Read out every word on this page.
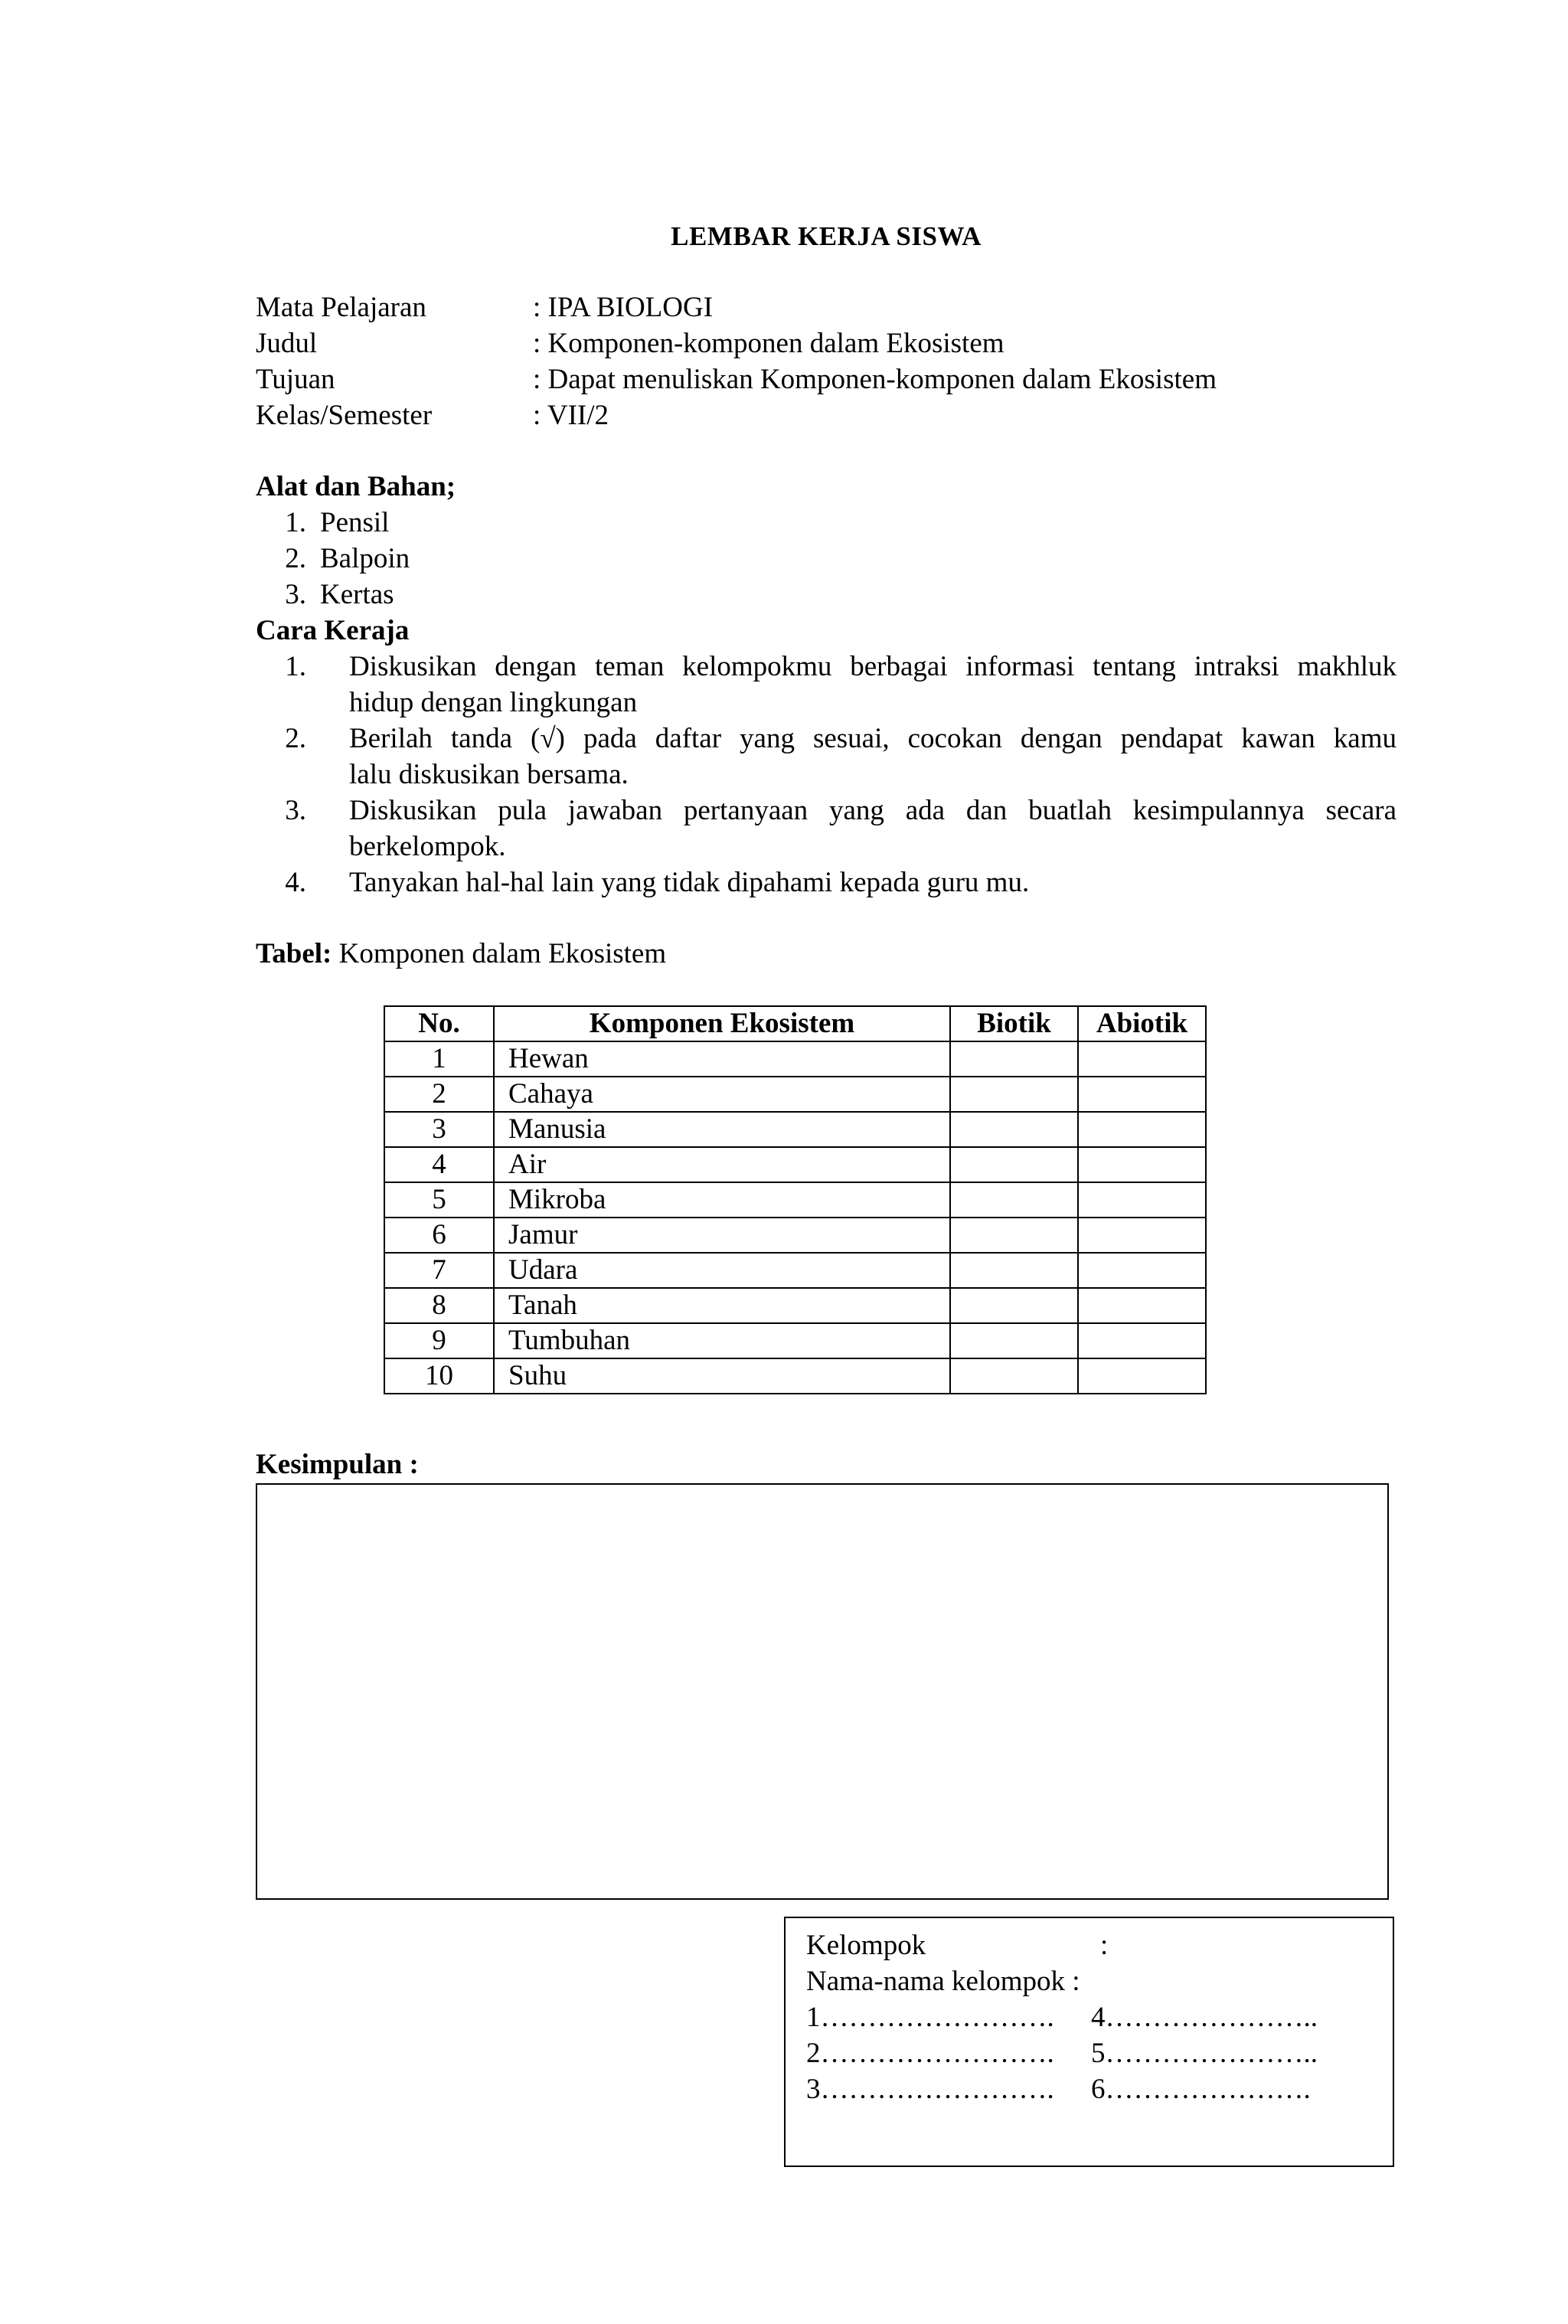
LEMBAR KERJA SISWA
Mata Pelajaran	: IPA BIOLOGI
Judul	: Komponen-komponen dalam Ekosistem
Tujuan	: Dapat menuliskan Komponen-komponen dalam Ekosistem
Kelas/Semester	: VII/2
Alat dan Bahan;
1. Pensil
2. Balpoin
3. Kertas
Cara Keraja
1.	Diskusikan dengan teman kelompokmu berbagai informasi tentang intraksi makhluk
hidup dengan lingkungan
2.	Berilah tanda (√) pada daftar yang sesuai, cocokan dengan pendapat kawan kamu
lalu diskusikan bersama.
3.	Diskusikan pula jawaban pertanyaan yang ada dan buatlah kesimpulannya secara
berkelompok.
4.	Tanyakan hal-hal lain yang tidak dipahami kepada guru mu.
Tabel: Komponen dalam Ekosistem
No.	Komponen Ekosistem	Biotik	Abiotik
1	Hewan		
2	Cahaya		
3	Manusia		
4	Air		
5	Mikroba		
6	Jamur		
7	Udara		
8	Tanah		
9	Tumbuhan		
10	Suhu		
Kesimpulan :
Kelompok	:
Nama-nama kelompok :
1……………………. 4…………………..
2……………………. 5…………………..
3……………………. 6………………….
